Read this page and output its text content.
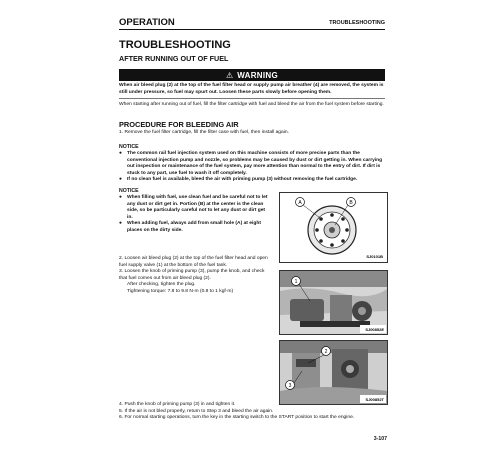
OPERATION	TROUBLESHOOTING
TROUBLESHOOTING
AFTER RUNNING OUT OF FUEL
⚠ WARNING
When air bleed plug (2) at the top of the fuel filter head or supply pump air breather (4) are removed, the system is still under pressure, so fuel may spurt out. Loosen these parts slowly before opening them.
When starting after running out of fuel, fill the filter cartridge with fuel and bleed the air from the fuel system before starting.
PROCEDURE FOR BLEEDING AIR
1. Remove the fuel filter cartridge, fill the filter case with fuel, then install again.
NOTICE
●	The common rail fuel injection system used on this machine consists of more precise parts than the conventional injection pump and nozzle, so problems may be caused by dust or dirt getting in. When carrying out inspection or maintenance of the fuel system, pay more attention than normal to the entry of dirt. If dirt is stuck to any part, use fuel to wash it off completely.
●	If no clean fuel is available, bleed the air with priming pump (3) without removing the fuel cartridge.
NOTICE
●	When filling with fuel, use clean fuel and be careful not to let any dust or dirt get in. Portion (B) at the center is the clean side, so be particularly careful not to let any dust or dirt get in.
●	When adding fuel, always add from small hole (A) at eight places on the dirty side.
2. Loosen air bleed plug (2) at the top of the fuel filter head and open fuel supply valve (1) at the bottom of the fuel tank.
3. Loosen the knob of priming pump (3), pump the knob, and check that fuel comes out from air bleed plug (2).
After checking, tighten the plug.
Tightening torque: 7.8 to 9.8 N·m (0.8 to 1 kgf·m)
A	B
SJ0101B
1
SJ00852E
2
3
SJ00852T
4. Push the knob of priming pump (3) in and tighten it.
5. If the air is not bled properly, return to Step 3 and bleed the air again.
6. For normal starting operations, turn the key in the starting switch to the START position to start the engine.
3-107
